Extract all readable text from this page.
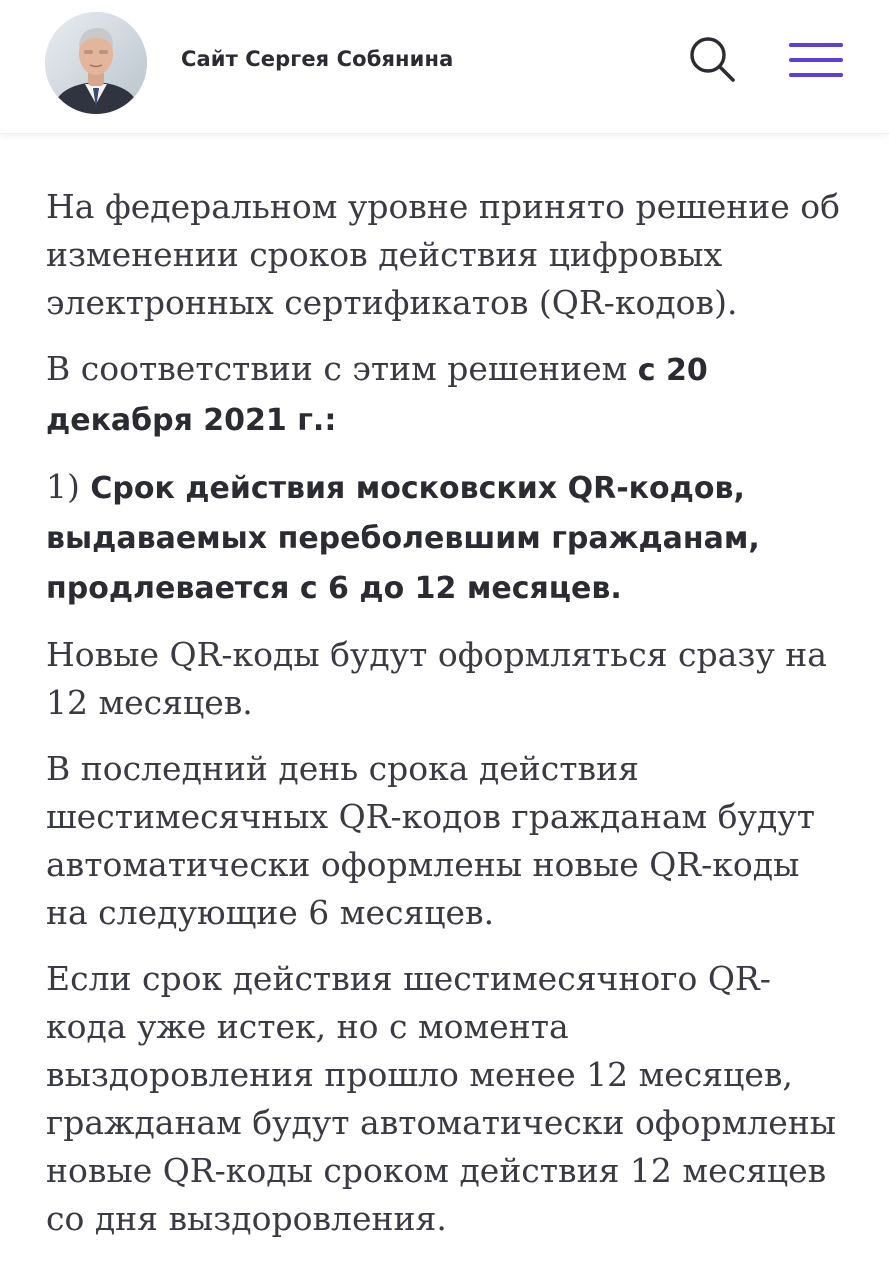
Сайт Сергея Собянина

На федеральном уровне принято решение об изменении сроков действия цифровых электронных сертификатов (QR-кодов).

В соответствии с этим решением с 20 декабря 2021 г.:

1) Срок действия московских QR-кодов, выдаваемых переболевшим гражданам, продлевается с 6 до 12 месяцев.

Новые QR-коды будут оформляться сразу на 12 месяцев.

В последний день срока действия шестимесячных QR-кодов гражданам будут автоматически оформлены новые QR-коды на следующие 6 месяцев.

Если срок действия шестимесячного QR-кода уже истек, но с момента выздоровления прошло менее 12 месяцев, гражданам будут автоматически оформлены новые QR-коды сроком действия 12 месяцев со дня выздоровления.
